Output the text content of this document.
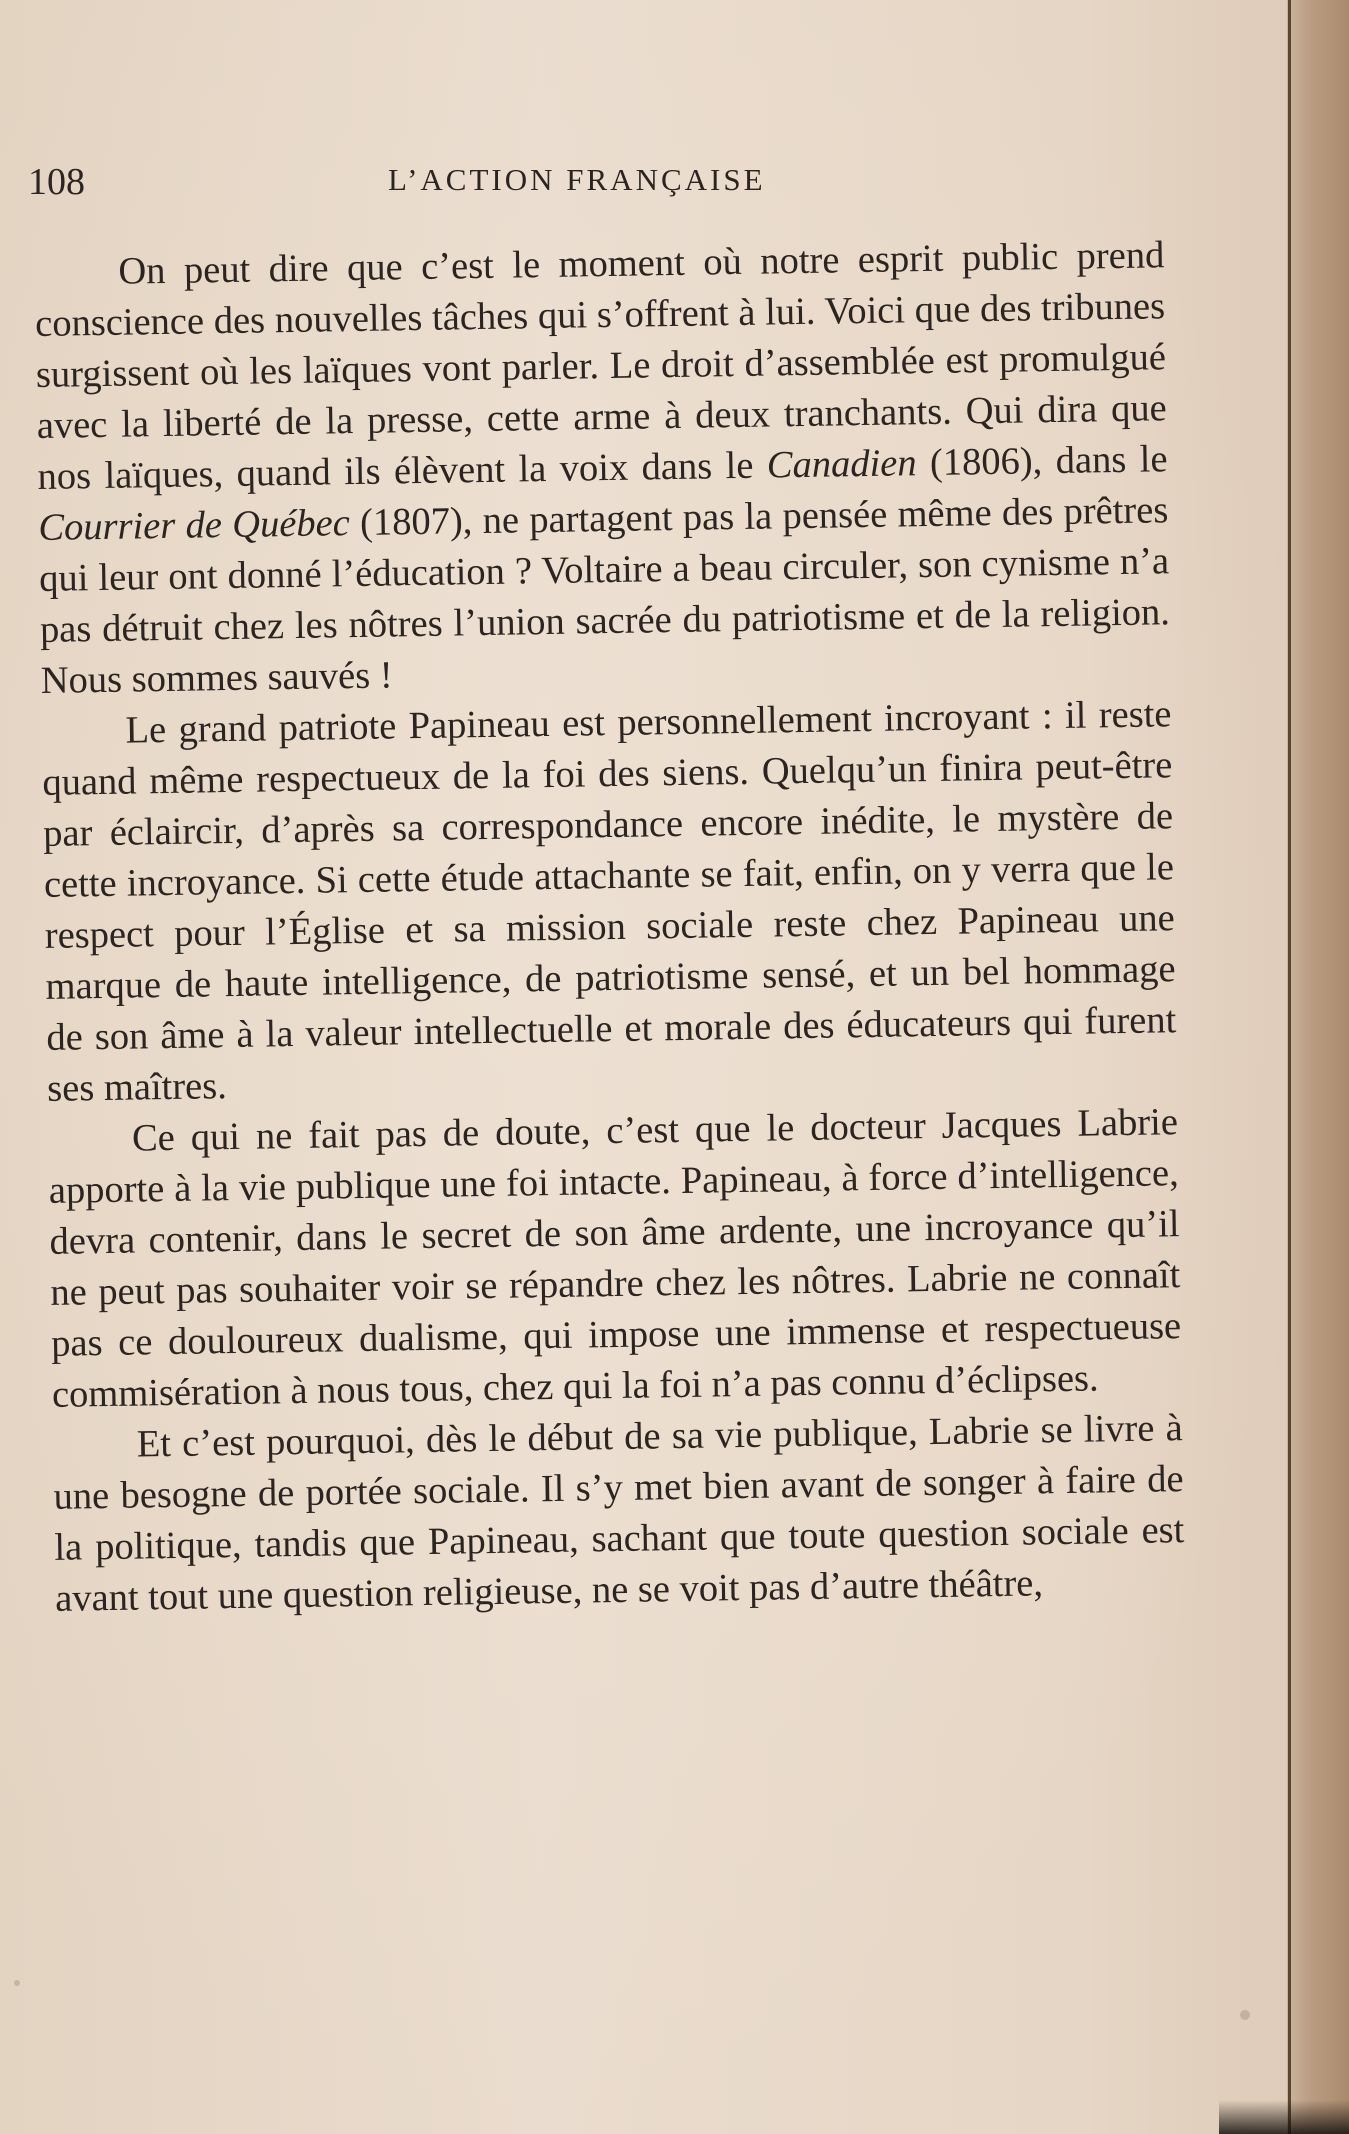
108	L’ACTION FRANÇAISE

On peut dire que c’est le moment où notre esprit public prend conscience des nouvelles tâches qui s’offrent à lui. Voici que des tribunes surgissent où les laïques vont parler. Le droit d’assemblée est promulgué avec la liberté de la presse, cette arme à deux tranchants. Qui dira que nos laïques, quand ils élèvent la voix dans le Canadien (1806), dans le Courrier de Québec (1807), ne partagent pas la pensée même des prêtres qui leur ont donné l’éducation ? Voltaire a beau circuler, son cynisme n’a pas détruit chez les nôtres l’union sacrée du patriotisme et de la religion. Nous sommes sauvés !

Le grand patriote Papineau est personnellement incroyant : il reste quand même respectueux de la foi des siens. Quelqu’un finira peut-être par éclaircir, d’après sa correspondance encore inédite, le mystère de cette incroyance. Si cette étude attachante se fait, enfin, on y verra que le respect pour l’Église et sa mission sociale reste chez Papineau une marque de haute intelligence, de patriotisme sensé, et un bel hommage de son âme à la valeur intellectuelle et morale des éducateurs qui furent ses maîtres.

Ce qui ne fait pas de doute, c’est que le docteur Jacques Labrie apporte à la vie publique une foi intacte. Papineau, à force d’intelligence, devra contenir, dans le secret de son âme ardente, une incroyance qu’il ne peut pas souhaiter voir se répandre chez les nôtres. Labrie ne connaît pas ce douloureux dualisme, qui impose une immense et respectueuse commisération à nous tous, chez qui la foi n’a pas connu d’éclipses.

Et c’est pourquoi, dès le début de sa vie publique, Labrie se livre à une besogne de portée sociale. Il s’y met bien avant de songer à faire de la politique, tandis que Papineau, sachant que toute question sociale est avant tout une question religieuse, ne se voit pas d’autre théâtre,
